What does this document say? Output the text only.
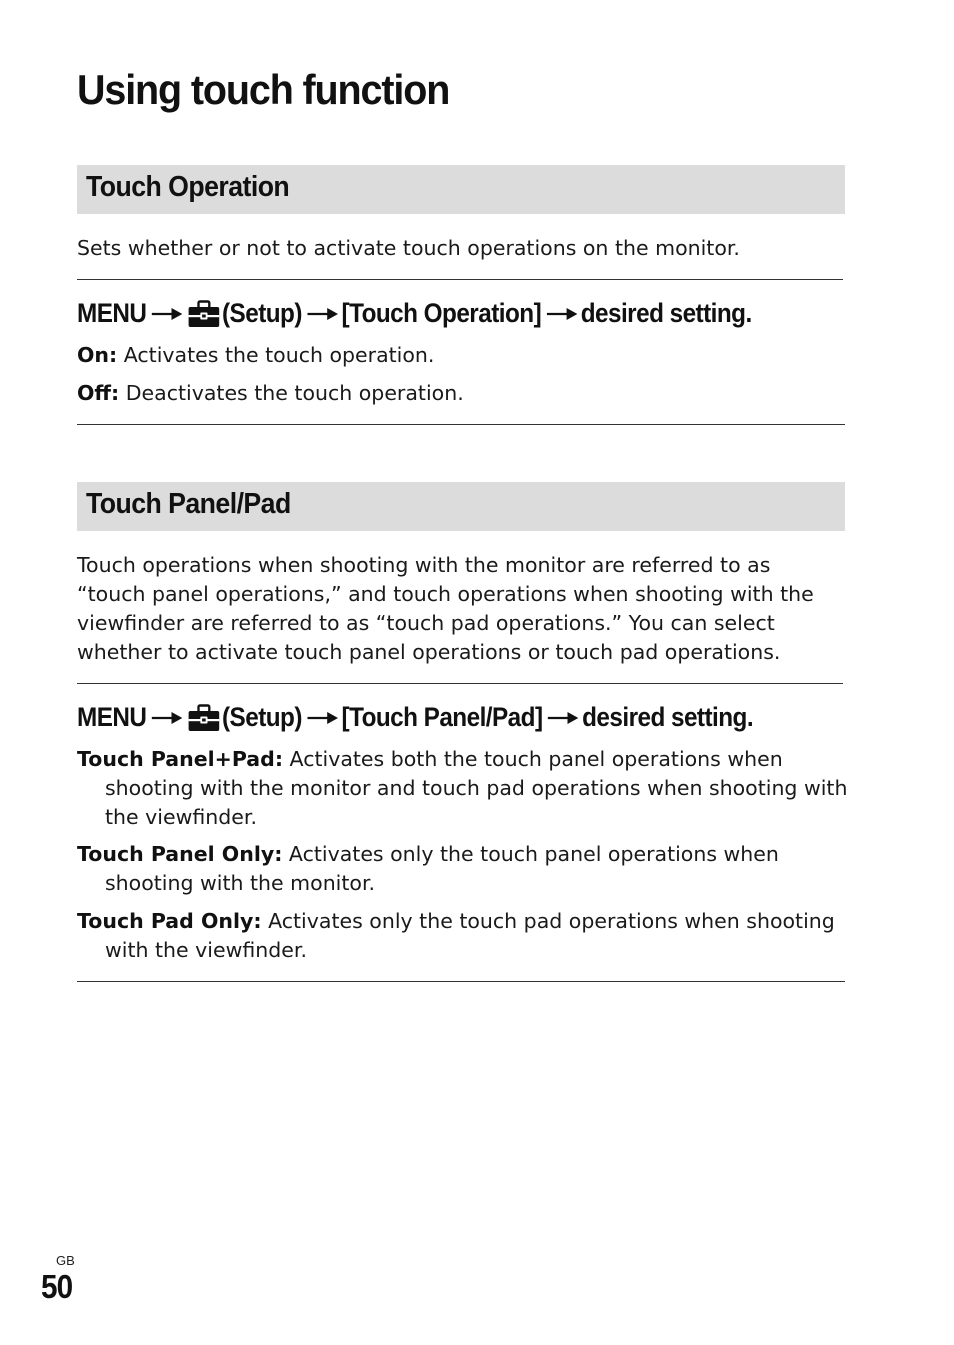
Using touch function
Touch Operation

Sets whether or not to activate touch operations on the monitor.

MENU	(Setup) [Touch Operation] desired setting.

On: Activates the touch operation.

Off: Deactivates the touch operation.

Touch Panel/Pad

Touch operations when shooting with the monitor are referred to as “touch panel operations,” and touch operations when shooting with the viewfinder are referred to as “touch pad operations.” You can select whether to activate touch panel operations or touch pad operations.

MENU	(Setup) [Touch Panel/Pad] desired setting.

Touch Panel+Pad: Activates both the touch panel operations when shooting with the monitor and touch pad operations when shooting with the viewfinder.

Touch Panel Only: Activates only the touch panel operations when shooting with the monitor.

Touch Pad Only: Activates only the touch pad operations when shooting with the viewfinder.

GB

50
